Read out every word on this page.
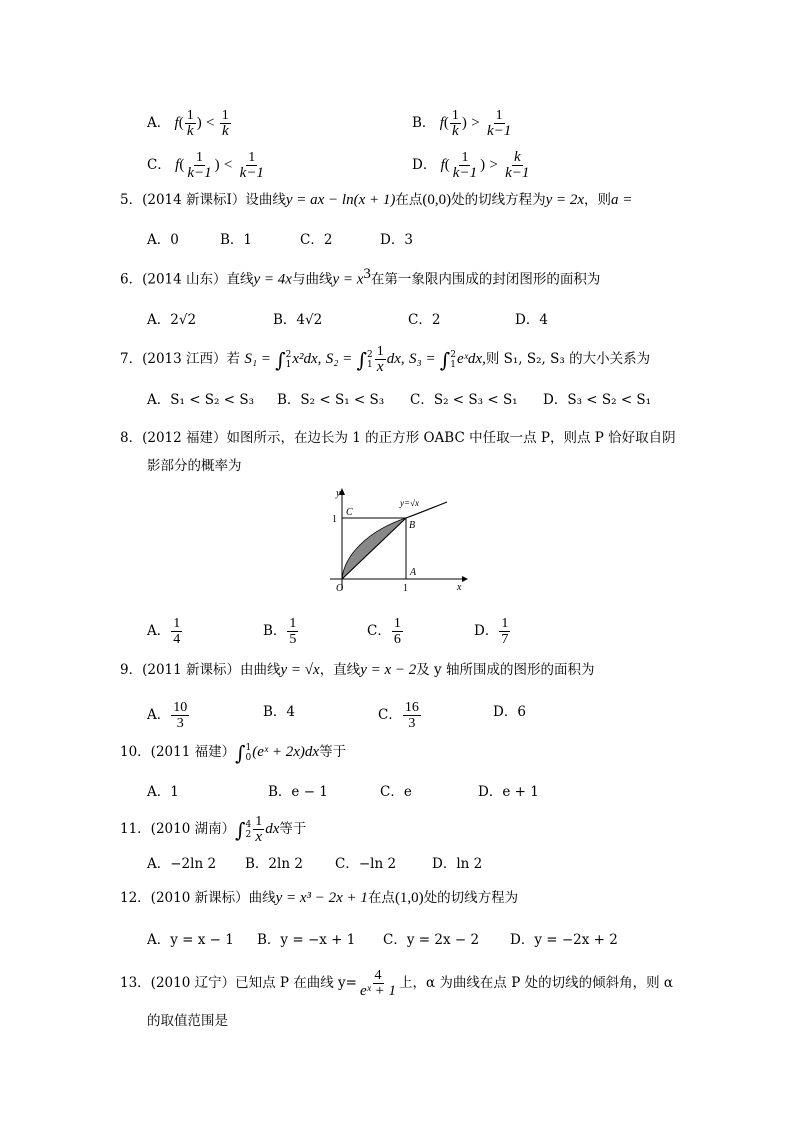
A． $f( \frac{1}{k}$ ) < $\frac{1}{k}$	B． $f( \frac{1}{k}$ ) > $\frac{1}{k-1}$
C． $f( \frac{1}{k-1}$ ) < $\frac{1}{k-1}$	D． $f( \frac{1}{k-1}$ ) > $\frac{k}{k-1}$
5．(2014 新课标Ⅰ）设曲线y = ax − ln(x + 1)在点(0,0)处的切线方程为y = 2x，则a =
A．0	B．1	C．2	D．3
6．(2014 山东）直线y = 4x与曲线$y = x^3$在第一象限内围成的封闭图形的面积为
A．2√2	B．4√2	C．2	D．4
7．(2013 江西）若 S₁ = ∫ 2
1 x²dx, S₂ = ∫ 2
$1 \frac{1}{x}$ dx, S₃ = ∫ 2
1 eˣdx,则 S₁, S₂, S₃ 的大小关系为
A．S₁ < S₂ < S₃ B．S₂ < S₁ < S₃ C．S₂ < S₃ < S₁ D．S₃ < S₂ < S₁
8．(2012 福建）如图所示，在边长为 1 的正方形 OABC 中任取一点 P，则点 P 恰好取自阴
影部分的概率为
y
x
O
A
B
C
1
1
y=√x
A． $\frac{1}{4}$	B． $\frac{1}{5}$	C． $\frac{1}{6}$	D． $\frac{1}{7}$
9．(2011 新课标）由曲线y = √x，直线y = x − 2及 y 轴所围成的图形的面积为
A． $\frac{10}{3}$	B．4	C． $\frac{16}{3}$	D．6
10．(2011 福建）∫ 1
0 (eˣ + 2x)dx等于
A．1	B．e − 1	C．e	D．e + 1
11．(2010 湖南）∫ 4
$2 \frac{1}{x}$ dx等于
A．−2ln 2 B．2ln 2 C．−ln 2	D．ln 2
12．(2010 新课标）曲线y = x³ − 2x + 1在点(1,0)处的切线方程为
A．y = x − 1 B．y = −x + 1 C．y = 2x − 2 D．y = −2x + 2
13．(2010 辽宁）已知点 P 在曲线 $y= \frac{4}{\text{eˣ + 1}}$ 上，α 为曲线在点 P 处的切线的倾斜角，则 α
的取值范围是
